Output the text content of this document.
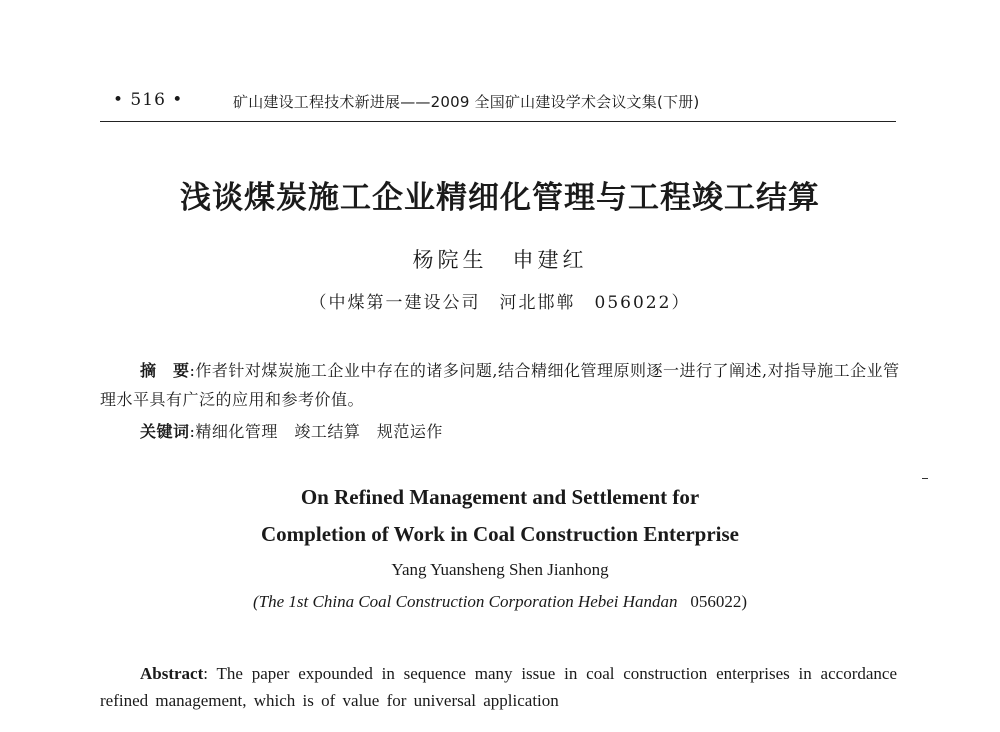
• 516 •	矿山建设工程技术新进展——2009 全国矿山建设学术会议文集(下册)
浅谈煤炭施工企业精细化管理与工程竣工结算
杨院生　申建红
（中煤第一建设公司　河北邯郸　056022）
摘　要:作者针对煤炭施工企业中存在的诸多问题,结合精细化管理原则逐一进行了阐述,对指导施工企业管理水平具有广泛的应用和参考价值。
关键词:精细化管理　竣工结算　规范运作
On Refined Management and Settlement for
Completion of Work in Coal Construction Enterprise
Yang Yuansheng Shen Jianhong
(The 1st China Coal Construction Corporation Hebei Handan 056022)
Abstract: The paper expounded in sequence many issue in coal construction enterprises in accordance refined management, which is of value for universal application
